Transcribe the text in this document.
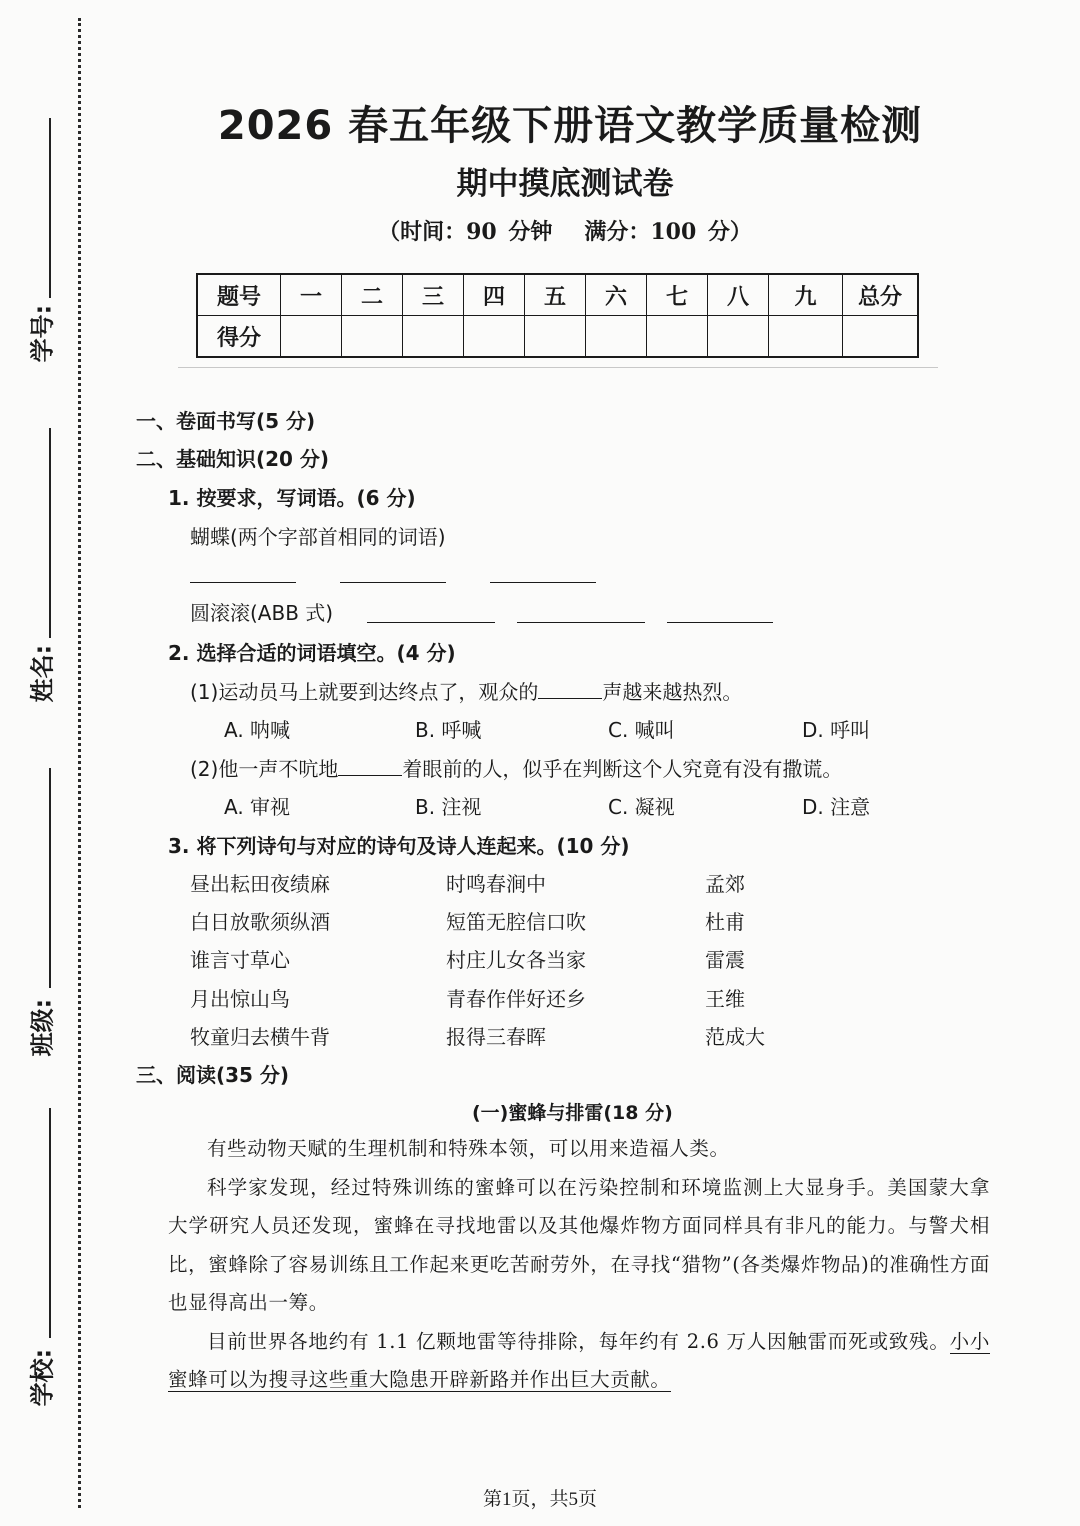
学号:
姓名:
班级:
学校:
2026 春五年级下册语文教学质量检测
期中摸底测试卷
（时间：90 分钟 满分：100 分）
题号	一	二	三	四	五	六	七	八	九	总分
得分										
一、卷面书写(5 分)
二、基础知识(20 分)
1. 按要求，写词语。(6 分)
蝴蝶(两个字部首相同的词语)
圆滚滚(ABB 式)
2. 选择合适的词语填空。(4 分)
(1)运动员马上就要到达终点了，观众的	声越来越热烈。
A. 呐喊	B. 呼喊	C. 喊叫	D. 呼叫
(2)他一声不吭地	着眼前的人，似乎在判断这个人究竟有没有撒谎。
A. 审视	B. 注视	C. 凝视	D. 注意
3. 将下列诗句与对应的诗句及诗人连起来。(10 分)
昼出耘田夜绩麻	时鸣春涧中	孟郊
白日放歌须纵酒	短笛无腔信口吹	杜甫
谁言寸草心	村庄儿女各当家	雷震
月出惊山鸟	青春作伴好还乡	王维
牧童归去横牛背	报得三春晖	范成大
三、阅读(35 分)
(一)蜜蜂与排雷(18 分)

有些动物天赋的生理机制和特殊本领，可以用来造福人类。

科学家发现，经过特殊训练的蜜蜂可以在污染控制和环境监测上大显身手。美国蒙大拿大学研究人员还发现，蜜蜂在寻找地雷以及其他爆炸物方面同样具有非凡的能力。与警犬相比，蜜蜂除了容易训练且工作起来更吃苦耐劳外，在寻找“猎物”(各类爆炸物品)的准确性方面也显得高出一筹。

目前世界各地约有 1.1 亿颗地雷等待排除，每年约有 2.6 万人因触雷而死或致残。小小蜜蜂可以为搜寻这些重大隐患开辟新路并作出巨大贡献。

第1页，共5页
